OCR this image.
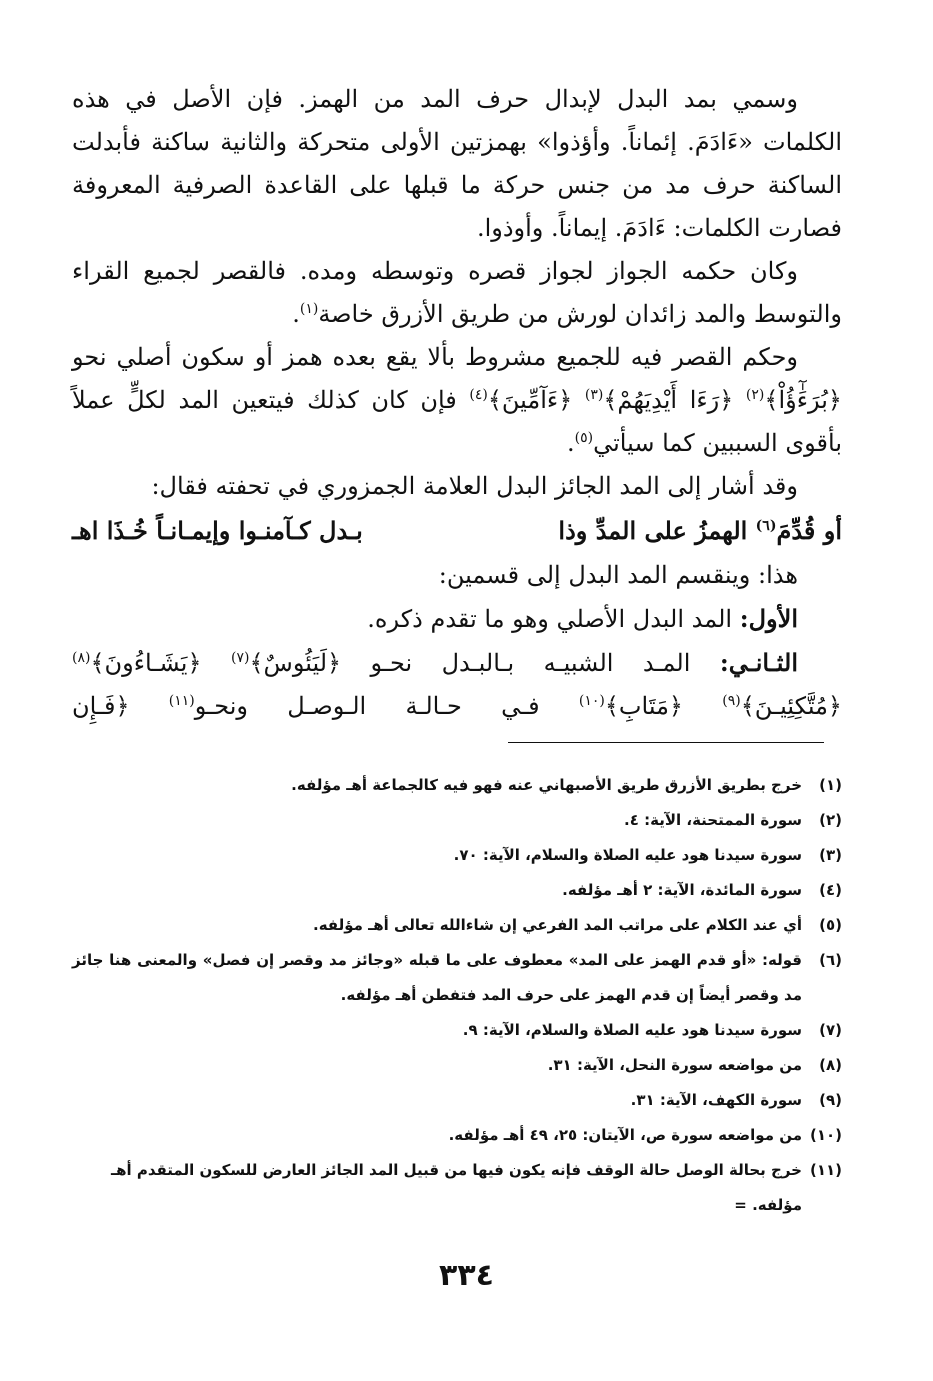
وسمي بمد البدل لإبدال حرف المد من الهمز. فإن الأصل في هذه الكلمات «ءَادَمَ. إئماناً. وأؤذوا» بهمزتين الأولى متحركة والثانية ساكنة فأبدلت الساكنة حرف مد من جنس حركة ما قبلها على القاعدة الصرفية المعروفة فصارت الكلمات: ءَادَمَ. إيماناً. وأوذوا.

وكان حكمه الجواز لجواز قصره وتوسطه ومده. فالقصر لجميع القراء والتوسط والمد زائدان لورش من طريق الأزرق خاصة$^{(١)}$.

وحكم القصر فيه للجميع مشروط بألا يقع بعده همز أو سكون أصلي نحو ﴿بُرَءَٰٓؤُاْ﴾$^{(٢)}$ ﴿رَءَا أَيْدِيَهُمْ﴾$^{(٣)}$ ﴿ءَآمِّينَ﴾$^{(٤)}$ فإن كان كذلك فيتعين المد لكلٍّ عملاً بأقوى السببين كما سيأتي$^{(٥)}$.

وقد أشار إلى المد الجائز البدل العلامة الجمزوري في تحفته فقال:

أو قُدِّمَ$^{(٦)}$ الهمزُ على المدِّ وذا
بـدل كـآمنـوا وإيمـانـاً خُـذَا اهـ

هذا: وينقسم المد البدل إلى قسمين:

الأول: المد البدل الأصلي وهو ما تقدم ذكره.

الثـانـي: المـد الشبيـه بـالبـدل نحـو ﴿لَيَئُوسٌ﴾$^{(٧)}$ ﴿يَشَـاءُونَ﴾$^{(٨)}$

﴿مُتَّكِئِيـنَ﴾$^{(٩)}$ ﴿مَتَابِ﴾$^{(١٠)}$ فـي حـالـة الـوصـل ونحـو$^{(١١)}$ ﴿فَـإِن

(١)
خرج بطريق الأزرق طريق الأصبهاني عنه فهو فيه كالجماعة أهـ مؤلفه.
(٢)
سورة الممتحنة، الآية: ٤.
(٣)
سورة سيدنا هود عليه الصلاة والسلام، الآية: ٧٠.
(٤)
سورة المائدة، الآية: ٢ أهـ مؤلفه.
(٥)
أي عند الكلام على مراتب المد الفرعي إن شاءالله تعالى أهـ مؤلفه.
(٦)
قوله: «أو قدم الهمز على المد» معطوف على ما قبله «وجائز مد وقصر إن فصل» والمعنى هنا جائز مد وقصر أيضاً إن قدم الهمز على حرف المد فتفطن أهـ مؤلفه.
(٧)
سورة سيدنا هود عليه الصلاة والسلام، الآية: ٩.
(٨)
من مواضعه سورة النحل، الآية: ٣١.
(٩)
سورة الكهف، الآية: ٣١.
(١٠)
من مواضعه سورة ص، الآيتان: ٢٥، ٤٩ أهـ مؤلفه.
(١١)
خرج بحالة الوصل حالة الوقف فإنه يكون فيها من قبيل المد الجائز العارض للسكون المتقدم أهـ مؤلفه. =
٣٣٤
